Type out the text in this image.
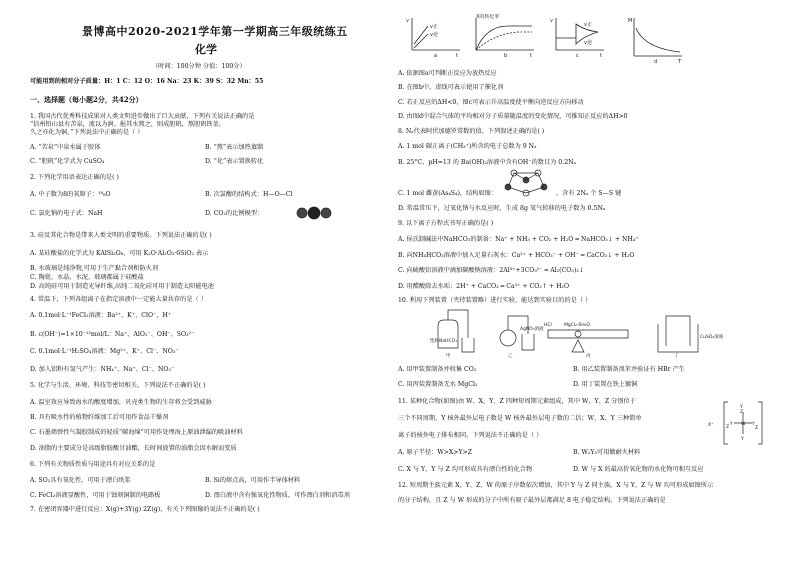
景博高中2020-2021学年第一学期高三年级统练五
化学
（时间：100分钟 分值：100分）
可能用到的相对分子质量：H：1 C：12 O：16 Na：23 K：39 S：32 Mn：55
一、选择题（每小题2分，共42分）
1. 我国古代优秀科技成果对人类文明进步做出了巨大贡献，下列有关说法正确的是
“信州铅山县有苦泉，流以为涧。挹其水熬之，则成胆矾，熬胆矾铁釜，
久之亦化为铜。”下列说法中正确的是（ ）
A. “苦泉”中泉水属于胶体	B. “熬”表示加热蒸馏
C. “胆矾”化学式为 CuSO₄	D. “化”表示置换转化
2. 下列化学用语表达正确的是( )
A. 中子数为8的氧原子：¹⁸₈O	B. 次氯酸的结构式：H—O—Cl
C. 氯化钠的电子式：NaH	D. CO₂的比例模型：
3. 硅及其化合物是带来人类文明的重要物质。下列说法正确的是( )
A. 某硅酸盐的化学式为 KAlSi₃O₈，可用 K₂O·Al₂O₃·6SiO₂ 表示
B. 水玻璃是纯净物,可用于生产黏合剂和防火剂
C. 陶瓷、水晶、水泥、玻璃都属于硅酸盐
D. 高纯硅可用于制造光导纤维,高纯二氧化硅可用于制造太阳能电池
4. 常温下，下列各组离子在指定溶液中一定能大量共存的是（ ）
A. 0.1mol·L⁻¹FeCl₂溶液：Ba²⁺、K⁺、ClO⁻、H⁺
B. c(OH⁻)=1×10⁻¹³mol/L：Na⁺、AlO₂⁻、OH⁻、SO₃²⁻
C. 0.1mol·L⁻¹H₂SO₄溶液：Mg²⁺、K⁺、Cl⁻、NO₃⁻
D. 加入铝粉有氢气产生：NH₄⁺、Na⁺、Cl⁻、NO₃⁻
5. 化学与生活、环境、科技等密切相关。下列说法不正确的是( )
A. 温室效应导致海水的酸度增加，贝壳类生物的生存将会受到威胁
B. 具有吸水性的植物纤维加工后可用作食品干燥剂
C. 石墨烯弹性气凝胶制成的轻质“碳海绵”可用作处理海上原油泄漏的吸油材料
D. 油脂的主要成分是高级脂肪酸甘油酯，长时间放置的油脂会因水解而变质
6. 下列有关物质性质与用途具有对应关系的是
A. SO₂具有氧化性，可用于漂白纸浆	B. Si的熔点高，可用作半导体材料
C. FeCl₃溶液显酸性，可用于蚀刻铜制的电路板	D. 漂白液中含有强氧化性物质，可作漂白剂和消毒剂
7. 在密闭容器中进行反应：X(g)+3Y(g) 2Z(g)，有关下列图像的说法不正确的是( )
v
v正
v逆
t
a
X的转化率
t
b
v
v正
v逆
t
c
M
T
d
A. 依据图a可判断正反应为放热反应
B. 在图b中，虚线可表示使用了催化剂
C. 若正反应的ΔH<0，图c可表示升高温度使平衡向逆反应方向移动
D. 由图d中混合气体的平均相对分子质量随温度的变化情况，可推知正反应的ΔH>0
8. Nₐ代表阿伏加德罗常数的值。下列叙述正确的是( )
A. 1 mol 碳正离子(CH₃⁺)所含的电子总数为 9 Nₐ
B. 25°C，pH=13 的 Ba(OH)₂溶液中含有OH⁻的数目为 0.2Nₐ
C. 1 mol 雌黄(As₄S₄)，结构如图：	，含有 2Nₐ 个 S—S 键
D. 常温常压下，过氧化钠与水反应时，生成 8g 氧气转移的电子数为 0.5Nₐ
9. 以下离子方程式书写正确的是( )
A. 侯氏制碱法中NaHCO₃的制备：Na⁺ + NH₃ + CO₂ + H₂O ═ NaHCO₃↓ + NH₄⁺
B. 向NH₄HCO₃溶液中加入足量石灰水：Ca²⁺ + HCO₃⁻ + OH⁻ ═ CaCO₃↓ + H₂O
C. 向硫酸铝溶液中滴加碳酸钠溶液：2Al³⁺+3CO₃²⁻ ═ Al₂(CO₃)₃↓
D. 用醋酸除去水垢：2H⁺ + CaCO₃ ═ Ca²⁺ + CO₂↑ + H₂O
10. 利用下列装置（夹持装置略）进行实验，能达到实验目的的是（ ）
饱和NaHCO₃
甲
AgNO₃溶液
乙
MgCl₂·6H₂O
HCl
丙
CuSO₄溶液
丁
A. 用甲装置制备并收集 CO₂	B. 用乙装置制备溴苯并验证有 HBr 产生
C. 用丙装置制备无水 MgCl₂	D. 用丁装置在铁上镀铜
11. 某种化合物(如图)由 W、X、Y、Z 四种短周期元素组成，其中 W、Y、Z 分别位于
三个不同周期，Y 核外最外层电子数是 W 核外最外层电子数的二倍；W、X、Y 三种简单
离子的核外电子排布相同。下列说法不正确的是（ ）
X⁺
Y
Z
W
Y
Z
Y
Z
Y
A. 原子半径：W>X>Y>Z	B. W₂Y₃可用做耐火材料
C. X 与 Y、Y 与 Z 均可形成具有漂白性的化合物	D. W 与 X 的最高价氧化物的水化物可相互反应
12. 短周期主族元素 X、Y、Z、W 的原子序数依次增加，其中 Y 与 Z 同主族。X 与 Y、Z 与 W 均可形成如图所示
的分子结构，且 Z 与 W 形成的分子中所有原子最外层都满足 8 电子稳定结构。下列说法正确的是
